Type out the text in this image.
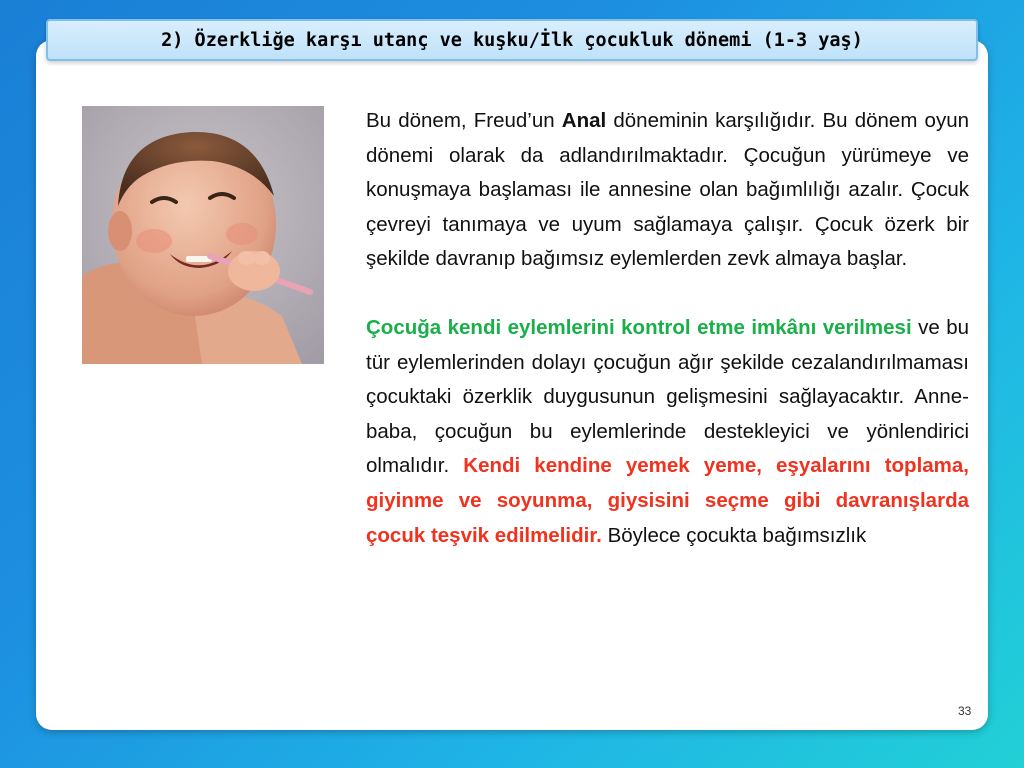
2) Özerkliğe karşı utanç ve kuşku/İlk çocukluk dönemi (1-3 yaş)

Bu dönem, Freud’un Anal döneminin karşılığıdır. Bu dönem oyun dönemi olarak da adlandırılmaktadır. Çocuğun yürümeye ve konuşmaya başlaması ile annesine olan bağımlılığı azalır. Çocuk çevreyi tanımaya ve uyum sağlamaya çalışır. Çocuk özerk bir şekilde davranıp bağımsız eylemlerden zevk almaya başlar.

Çocuğa kendi eylemlerini kontrol etme imkânı verilmesi ve bu tür eylemlerinden dolayı çocuğun ağır şekilde cezalandırılmaması çocuktaki özerklik duygusunun gelişmesini sağlayacaktır. Anne-baba, çocuğun bu eylemlerinde destekleyici ve yönlendirici olmalıdır. Kendi kendine yemek yeme, eşyalarını toplama, giyinme ve soyunma, giysisini seçme gibi davranışlarda çocuk teşvik edilmelidir. Böylece çocukta bağımsızlık

33
